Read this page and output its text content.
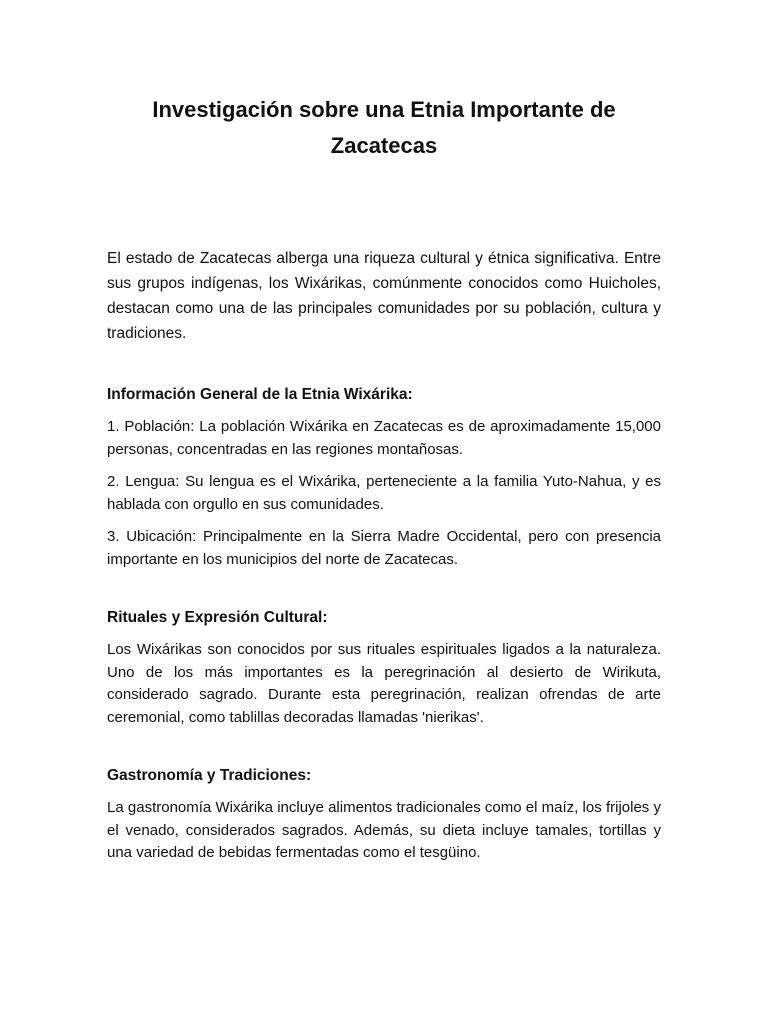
Investigación sobre una Etnia Importante de Zacatecas

El estado de Zacatecas alberga una riqueza cultural y étnica significativa. Entre sus grupos indígenas, los Wixárikas, comúnmente conocidos como Huicholes, destacan como una de las principales comunidades por su población, cultura y tradiciones.

Información General de la Etnia Wixárika:

1. Población: La población Wixárika en Zacatecas es de aproximadamente 15,000 personas, concentradas en las regiones montañosas.

2. Lengua: Su lengua es el Wixárika, perteneciente a la familia Yuto-Nahua, y es hablada con orgullo en sus comunidades.

3. Ubicación: Principalmente en la Sierra Madre Occidental, pero con presencia importante en los municipios del norte de Zacatecas.

Rituales y Expresión Cultural:

Los Wixárikas son conocidos por sus rituales espirituales ligados a la naturaleza. Uno de los más importantes es la peregrinación al desierto de Wirikuta, considerado sagrado. Durante esta peregrinación, realizan ofrendas de arte ceremonial, como tablillas decoradas llamadas 'nierikas'.

Gastronomía y Tradiciones:

La gastronomía Wixárika incluye alimentos tradicionales como el maíz, los frijoles y el venado, considerados sagrados. Además, su dieta incluye tamales, tortillas y una variedad de bebidas fermentadas como el tesgüino.
